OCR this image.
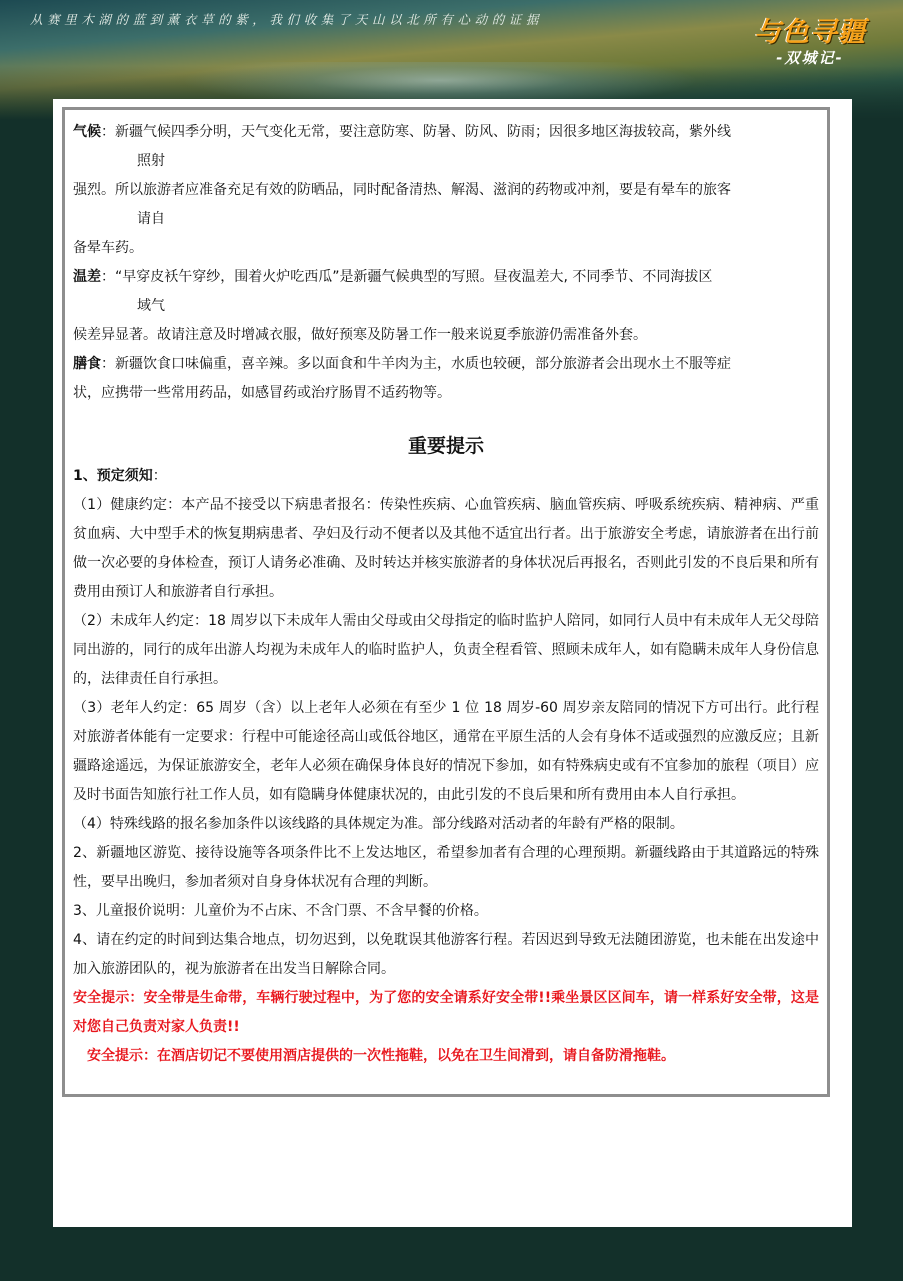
从赛里木湖的蓝到薰衣草的紫，我们收集了天山以北所有心动的证据	与色寻疆
-双城记-

气候：新疆气候四季分明，天气变化无常，要注意防寒、防暑、防风、防雨；因很多地区海拔较高，紫外线

照射

强烈。所以旅游者应准备充足有效的防晒品，同时配备清热、解渴、滋润的药物或冲剂，要是有晕车的旅客

请自

备晕车药。

温差：“早穿皮袄午穿纱，围着火炉吃西瓜”是新疆气候典型的写照。昼夜温差大, 不同季节、不同海拔区

域气

候差异显著。故请注意及时增减衣服，做好预寒及防暑工作一般来说夏季旅游仍需准备外套。

膳食：新疆饮食口味偏重，喜辛辣。多以面食和牛羊肉为主，水质也较硬，部分旅游者会出现水土不服等症

状，应携带一些常用药品，如感冒药或治疗肠胃不适药物等。

重要提示

1、预定须知：

（1）健康约定：本产品不接受以下病患者报名：传染性疾病、心血管疾病、脑血管疾病、呼吸系统疾病、精神病、严重贫血病、大中型手术的恢复期病患者、孕妇及行动不便者以及其他不适宜出行者。出于旅游安全考虑，请旅游者在出行前做一次必要的身体检查，预订人请务必准确、及时转达并核实旅游者的身体状况后再报名，否则此引发的不良后果和所有费用由预订人和旅游者自行承担。

（2）未成年人约定：18 周岁以下未成年人需由父母或由父母指定的临时监护人陪同，如同行人员中有未成年人无父母陪同出游的，同行的成年出游人均视为未成年人的临时监护人，负责全程看管、照顾未成年人，如有隐瞒未成年人身份信息的，法律责任自行承担。

（3）老年人约定：65 周岁（含）以上老年人必须在有至少 1 位 18 周岁-60 周岁亲友陪同的情况下方可出行。此行程对旅游者体能有一定要求：行程中可能途径高山或低谷地区，通常在平原生活的人会有身体不适或强烈的应激反应；且新疆路途遥远，为保证旅游安全，老年人必须在确保身体良好的情况下参加，如有特殊病史或有不宜参加的旅程（项目）应及时书面告知旅行社工作人员，如有隐瞒身体健康状况的，由此引发的不良后果和所有费用由本人自行承担。

（4）特殊线路的报名参加条件以该线路的具体规定为准。部分线路对活动者的年龄有严格的限制。

2、新疆地区游览、接待设施等各项条件比不上发达地区，希望参加者有合理的心理预期。新疆线路由于其道路远的特殊性，要早出晚归，参加者须对自身身体状况有合理的判断。

3、儿童报价说明：儿童价为不占床、不含门票、不含早餐的价格。

4、请在约定的时间到达集合地点，切勿迟到，以免耽误其他游客行程。若因迟到导致无法随团游览，也未能在出发途中加入旅游团队的，视为旅游者在出发当日解除合同。

安全提示：安全带是生命带，车辆行驶过程中，为了您的安全请系好安全带!!乘坐景区区间车，请一样系好安全带，这是对您自己负责对家人负责!!

安全提示：在酒店切记不要使用酒店提供的一次性拖鞋，以免在卫生间滑到，请自备防滑拖鞋。
